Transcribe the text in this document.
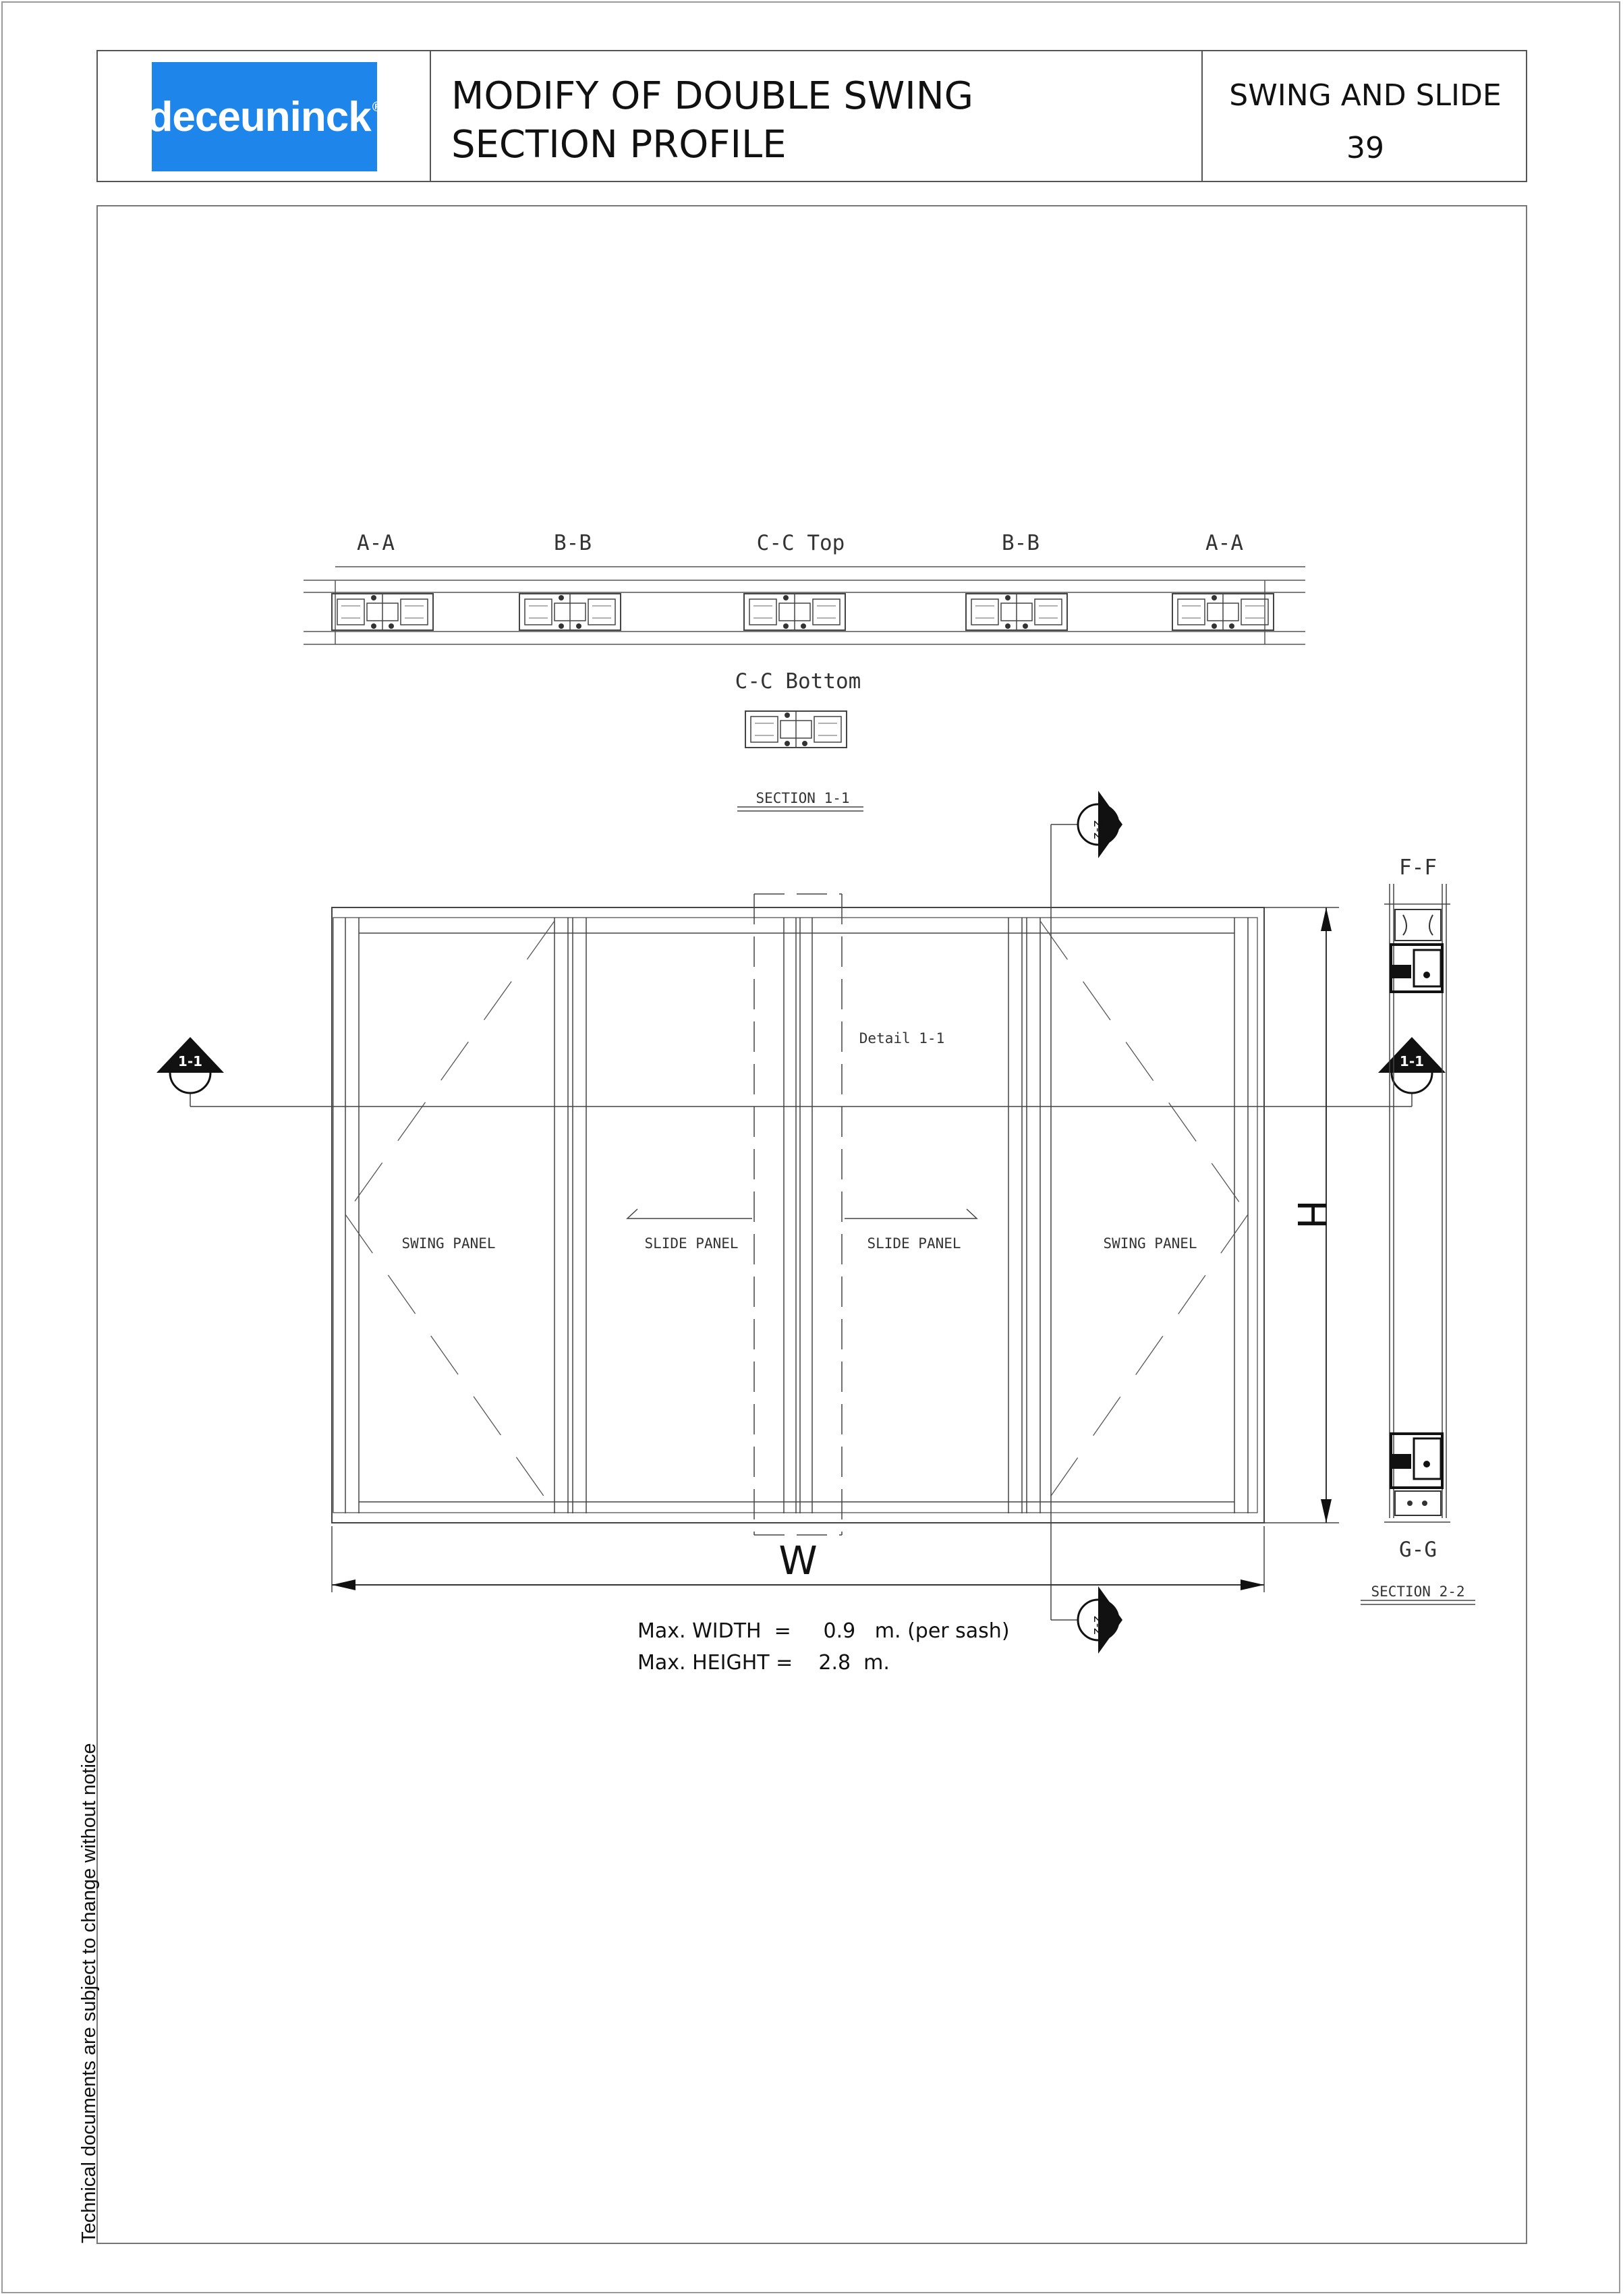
deceuninck ® MODIFY OF DOUBLE SWING
SECTION PROFILE
SWING AND SLIDE
39
Technical documents are subject to change without notice
A-A	B-B	C-C Top	B-B	A-A
C-C Bottom
SECTION 1-1
Detail 1-1
SWING PANEL	SLIDE PANEL	SLIDE PANEL	SWING PANEL
1-1	1-1
2-2
2-2
W
H
F-F
G-G
SECTION 2-2
Max. WIDTH  =     0.9   m. (per sash)
Max. HEIGHT =    2.8  m.
